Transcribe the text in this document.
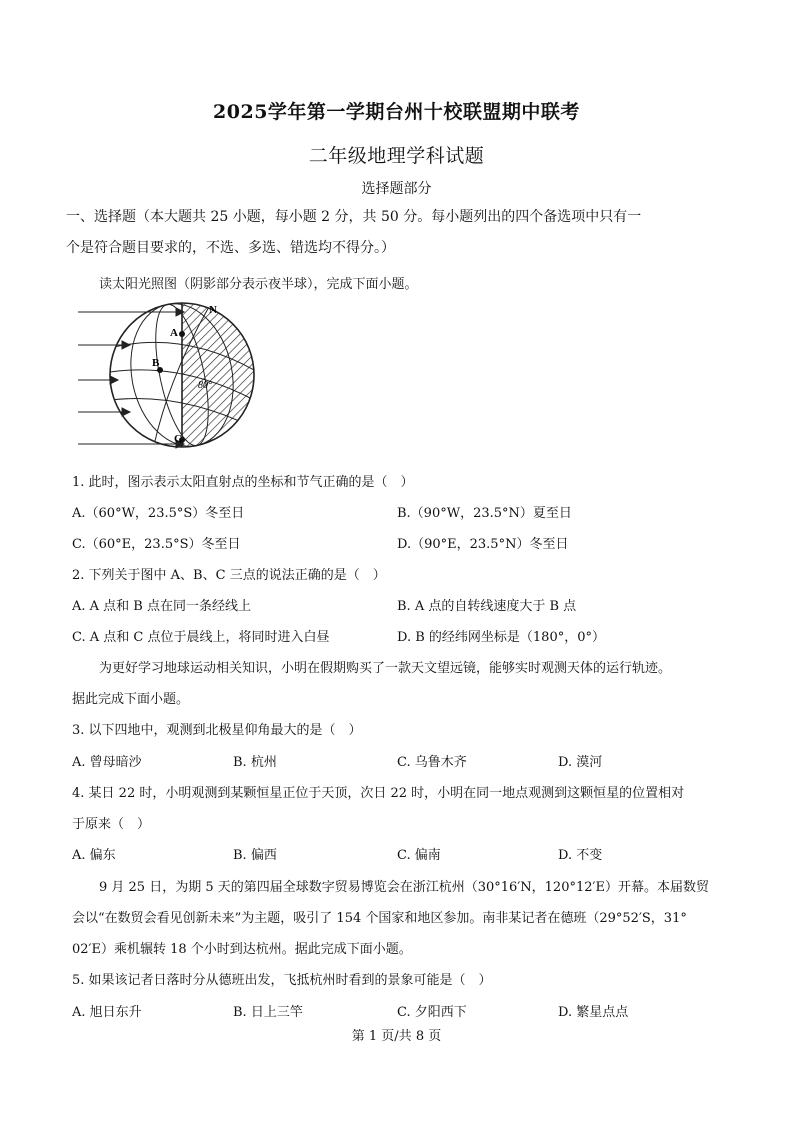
2025学年第一学期台州十校联盟期中联考
二年级地理学科试题
选择题部分
一、选择题（本大题共 25 小题，每小题 2 分，共 50 分。每小题列出的四个备选项中只有一
个是符合题目要求的，不选、多选、错选均不得分。）
读太阳光照图（阴影部分表示夜半球），完成下面小题。
N
A
B
C
80°
1. 此时，图示表示太阳直射点的坐标和节气正确的是（　）
A.（60°W，23.5°S）冬至日	B.（90°W，23.5°N）夏至日
C.（60°E，23.5°S）冬至日	D.（90°E，23.5°N）冬至日
2. 下列关于图中 A、B、C 三点的说法正确的是（　）
A. A 点和 B 点在同一条经线上	B. A 点的自转线速度大于 B 点
C. A 点和 C 点位于晨线上，将同时进入白昼	D. B 的经纬网坐标是（180°，0°）
为更好学习地球运动相关知识，小明在假期购买了一款天文望远镜，能够实时观测天体的运行轨迹。
据此完成下面小题。
3. 以下四地中，观测到北极星仰角最大的是（　）
A. 曾母暗沙	B. 杭州	C. 乌鲁木齐	D. 漠河
4. 某日 22 时，小明观测到某颗恒星正位于天顶，次日 22 时，小明在同一地点观测到这颗恒星的位置相对
于原来（　）
A. 偏东	B. 偏西	C. 偏南	D. 不变
9 月 25 日，为期 5 天的第四届全球数字贸易博览会在浙江杭州（30°16′N，120°12′E）开幕。本届数贸
会以“在数贸会看见创新未来”为主题，吸引了 154 个国家和地区参加。南非某记者在德班（29°52′S，31°
02′E）乘机辗转 18 个小时到达杭州。据此完成下面小题。
5. 如果该记者日落时分从德班出发，飞抵杭州时看到的景象可能是（　）
A. 旭日东升	B. 日上三竿	C. 夕阳西下	D. 繁星点点
第 1 页/共 8 页
